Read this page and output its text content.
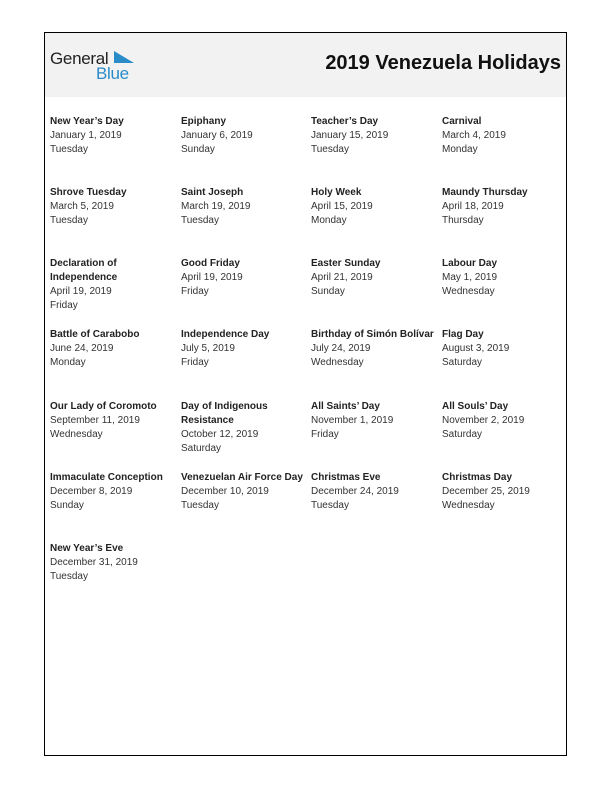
General
Blue	2019 Venezuela Holidays
New Year’s Day
January 1, 2019
Tuesday
Epiphany
January 6, 2019
Sunday
Teacher’s Day
January 15, 2019
Tuesday
Carnival
March 4, 2019
Monday
Shrove Tuesday
March 5, 2019
Tuesday
Saint Joseph
March 19, 2019
Tuesday
Holy Week
April 15, 2019
Monday
Maundy Thursday
April 18, 2019
Thursday
Declaration of Independence
April 19, 2019
Friday
Good Friday
April 19, 2019
Friday
Easter Sunday
April 21, 2019
Sunday
Labour Day
May 1, 2019
Wednesday
Battle of Carabobo
June 24, 2019
Monday
Independence Day
July 5, 2019
Friday
Birthday of Simón Bolívar
July 24, 2019
Wednesday
Flag Day
August 3, 2019
Saturday
Our Lady of Coromoto
September 11, 2019
Wednesday
Day of Indigenous Resistance
October 12, 2019
Saturday
All Saints’ Day
November 1, 2019
Friday
All Souls’ Day
November 2, 2019
Saturday
Immaculate Conception
December 8, 2019
Sunday
Venezuelan Air Force Day
December 10, 2019
Tuesday
Christmas Eve
December 24, 2019
Tuesday
Christmas Day
December 25, 2019
Wednesday
New Year’s Eve
December 31, 2019
Tuesday
